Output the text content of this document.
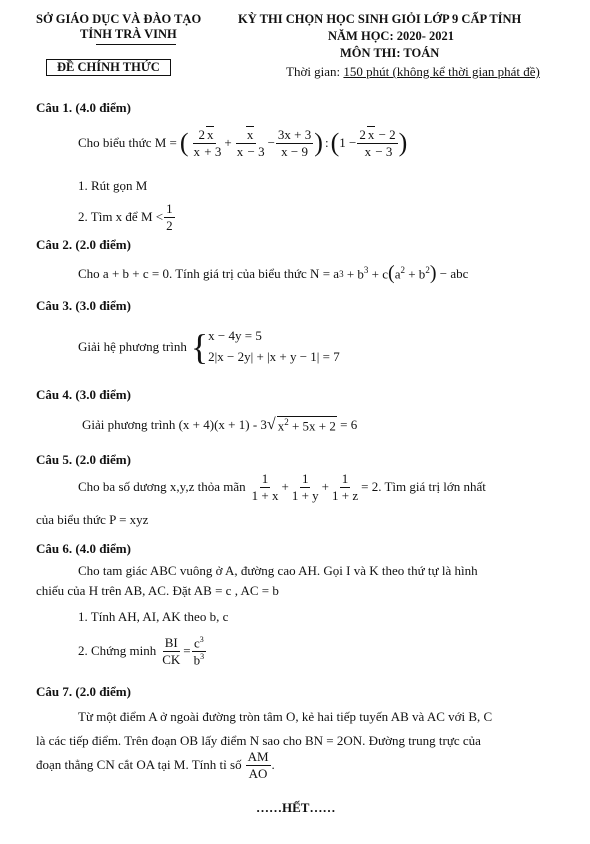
SỞ GIÁO DỤC VÀ ĐÀO TẠO
TỈNH TRÀ VINH
ĐỀ CHÍNH THỨC
KỲ THI CHỌN HỌC SINH GIỎI LỚP 9 CẤP TỈNH
NĂM HỌC: 2020- 2021
MÔN THI: TOÁN
Thời gian: 150 phút (không kể thời gian phát đề)
Câu 1. (4.0 điểm)
Cho biểu thức M = ( $\frac{2 x}{x + 3} + \frac{x}{x - 3} - \frac{3x + 3}{x - 9}$ ) : ( $1 - \frac{2 x - 2}{x - 3}$ )
1. Rút gọn M
2. Tìm x để $M < \frac{1}{2}$
Câu 2. (2.0 điểm)
Cho a + b + c = 0. Tính giá trị của biểu thức N = a $3 + b^3 + c$ ( $a^2 + b^2$ ) − abc
Câu 3. (3.0 điểm)
Giải hệ phương trình { x − 4y = 5
2|x − 2y| + |x + y − 1| = 7
Câu 4. (3.0 điểm)
Giải phương trình (x + 4)(x + 1) - 3 √ $x^2 + 5x + 2 = 6$
Câu 5. (2.0 điểm)
Cho ba số dương x,y,z thỏa mãn $\frac{1}{1 + x} + \frac{1}{1 + y} + \frac{1}{1 + z} = 2$. Tìm giá trị lớn nhất
của biểu thức P = xyz
Câu 6. (4.0 điểm)
Cho tam giác ABC vuông ở A, đường cao AH. Gọi I và K theo thứ tự là hình
chiếu của H trên AB, AC. Đặt AB = c , AC = b
1. Tính AH, AI, AK theo b, c
2. Chứng minh $\frac{BI}{CK} = \frac{c^3}{b^3}$
Câu 7. (2.0 điểm)
Từ một điểm A ở ngoài đường tròn tâm O, kẻ hai tiếp tuyến AB và AC với B, C
là các tiếp điểm. Trên đoạn OB lấy điểm N sao cho BN = 2ON. Đường trung trực của
đoạn thẳng CN cắt OA tại M. Tính tỉ số $\frac{AM}{AO}$ .
……HẾT……
